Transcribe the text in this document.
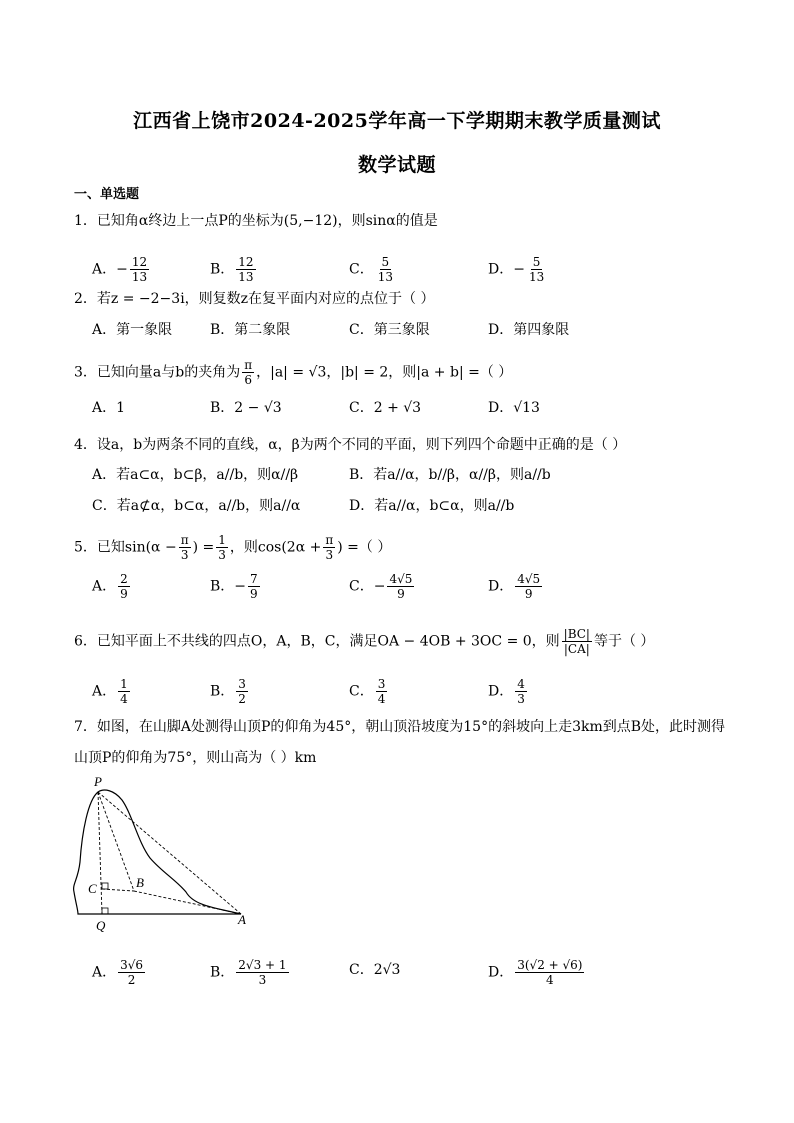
江西省上饶市2024-2025学年高一下学期期末教学质量测试
数学试题
一、单选题
1．已知角α终边上一点P的坐标为(5,−12)，则sinα的值是
A．− $\frac{12}{13}$	B． $\frac{12}{13}$	C． $\frac{5}{13}$	D．− $\frac{5}{13}$
2．若z = −2−3i，则复数z在复平面内对应的点位于（ ）
A．第一象限	B．第二象限	C．第三象限	D．第四象限
3．已知向量a与b的夹角为 $\frac{\pi}{6}$ ，|a| = √3，|b| = 2，则|a + b| =（ ）
A．1	B．2 − √3	C．2 + √3	D．√13
4．设a，b为两条不同的直线，α，β为两个不同的平面，则下列四个命题中正确的是（ ）
A．若a⊂α，b⊂β，a//b，则α//β	B．若a//α，b//β，α//β，则a//b
C．若a⊄α，b⊂α，a//b，则a//α	D．若a//α，b⊂α，则a//b
5．已知$\sin(\alpha - \frac{\pi}{3}$ ) = $\frac{1}{3}$ ，则$\cos(2\alpha + \frac{\pi}{3}$ ) =（ ）
A． $\frac{2}{9}$	B．− $\frac{7}{9}$	C．− $\frac{4√5}{9}$	D． $\frac{4√5}{9}$
6．已知平面上不共线的四点O，A，B，C，满足OA − 4OB + 3OC = 0，则 $\frac{|BC|}{|CA|}$ 等于（ ）
A． $\frac{1}{4}$	B． $\frac{3}{2}$	C． $\frac{3}{4}$	D． $\frac{4}{3}$
7．如图，在山脚A处测得山顶P的仰角为45°，朝山顶沿坡度为15°的斜坡向上走3km到点B处，此时测得
山顶P的仰角为75°，则山高为（ ）km
P
C	B
Q	A
A． $\frac{3√6}{2}$	B． $\frac{2√3 + 1}{3}$	C．2√3	D． $\frac{3(√2 + √6)}{4}$
